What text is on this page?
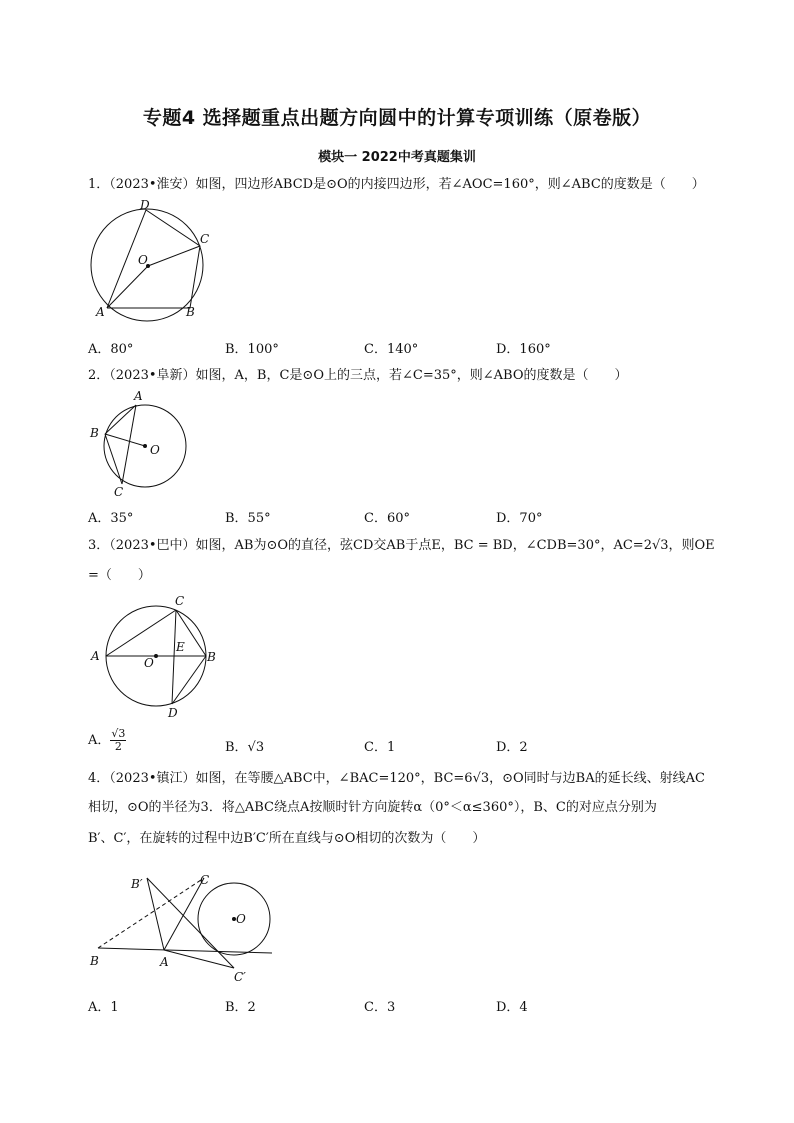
专题4 选择题重点出题方向圆中的计算专项训练（原卷版）
模块一 2022中考真题集训
1．（2023•淮安）如图，四边形ABCD是⊙O的内接四边形，若∠AOC=160°，则∠ABC的度数是（　　）
A	B
C
D
O
A．80°	B．100°	C．140°	D．160°
2．（2023•阜新）如图，A，B，C是⊙O上的三点，若∠C=35°，则∠ABO的度数是（　　）
A
B
C
O
A．35°	B．55°	C．60°	D．70°
3．（2023•巴中）如图，AB为⊙O的直径，弦CD交AB于点E，BC = BD，∠CDB=30°，AC=2√3，则OE
=（　　）
A	B
C
D
E
O
A． $\frac{√3}{2}$	B．√3	C．1	D．2
4．（2023•镇江）如图，在等腰△ABC中，∠BAC=120°，BC=6√3，⊙O同时与边BA的延长线、射线AC
相切，⊙O的半径为3．将△ABC绕点A按顺时针方向旋转α（0°＜α≤360°），B、C的对应点分别为
B′、C′，在旋转的过程中边B′C′所在直线与⊙O相切的次数为（　　）
B	A
C
B′
C′
O
A．1	B．2	C．3	D．4
